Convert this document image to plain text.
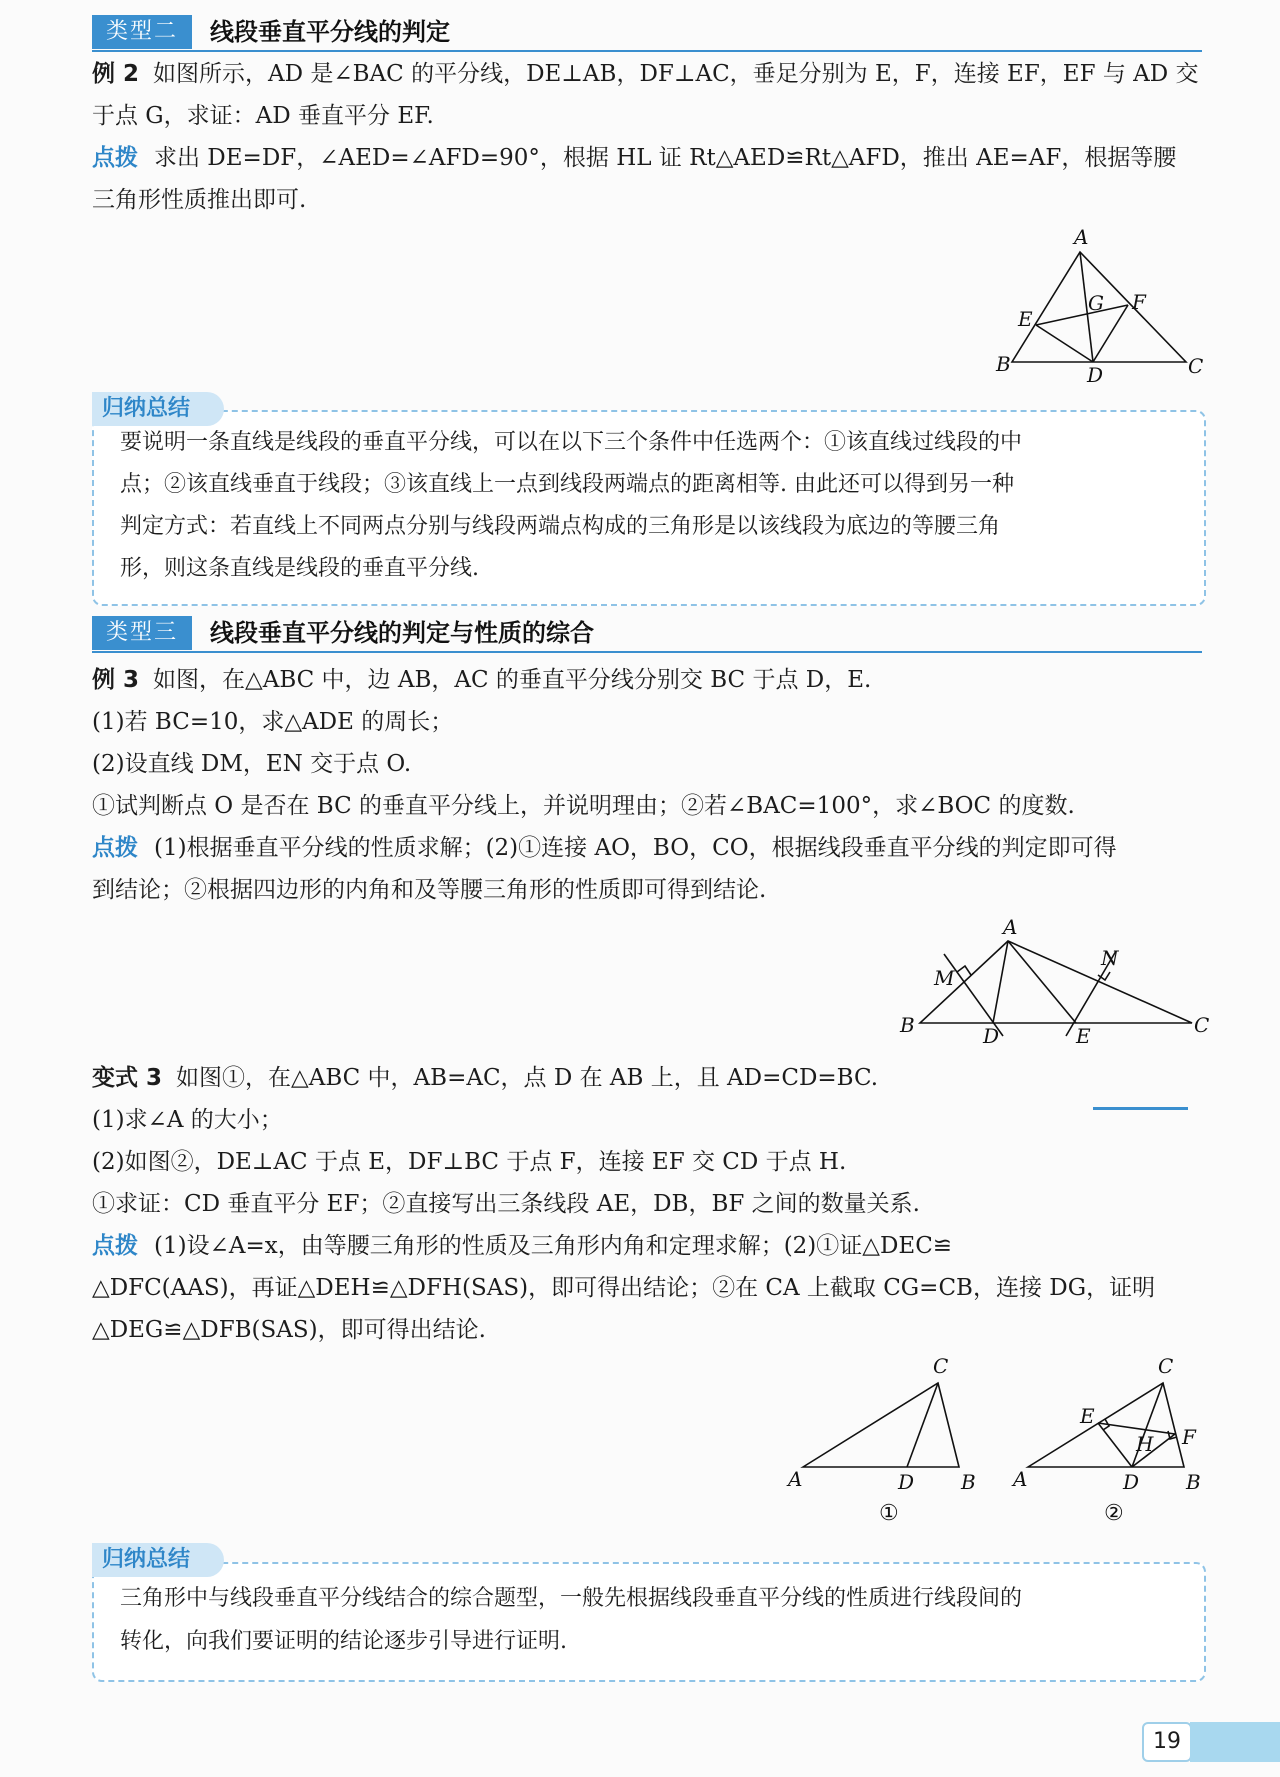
类型二	线段垂直平分线的判定
例 2 如图所示，AD 是∠BAC 的平分线，DE⊥AB，DF⊥AC，垂足分别为 E，F，连接 EF，EF 与 AD 交
于点 G，求证：AD 垂直平分 EF.
点拨 求出 DE=DF，∠AED=∠AFD=90°，根据 HL 证 Rt△AED≌Rt△AFD，推出 AE=AF，根据等腰
三角形性质推出即可.
A
B	C
D
E
F
G
归纳总结
要说明一条直线是线段的垂直平分线，可以在以下三个条件中任选两个：①该直线过线段的中
点；②该直线垂直于线段；③该直线上一点到线段两端点的距离相等. 由此还可以得到另一种
判定方式：若直线上不同两点分别与线段两端点构成的三角形是以该线段为底边的等腰三角
形，则这条直线是线段的垂直平分线.
类型三	线段垂直平分线的判定与性质的综合
例 3 如图，在△ABC 中，边 AB，AC 的垂直平分线分别交 BC 于点 D，E.
(1)若 BC=10，求△ADE 的周长；
(2)设直线 DM，EN 交于点 O.
①试判断点 O 是否在 BC 的垂直平分线上，并说明理由；②若∠BAC=100°，求∠BOC 的度数.
点拨 (1)根据垂直平分线的性质求解；(2)①连接 AO，BO，CO，根据线段垂直平分线的判定即可得
到结论；②根据四边形的内角和及等腰三角形的性质即可得到结论.
A
B	C
D	E
M
N
变式 3 如图①，在△ABC 中，AB=AC，点 D 在 AB 上，且 AD=CD=BC.
(1)求∠A 的大小；
(2)如图②，DE⊥AC 于点 E，DF⊥BC 于点 F，连接 EF 交 CD 于点 H.
①求证：CD 垂直平分 EF；②直接写出三条线段 AE，DB，BF 之间的数量关系.
点拨 (1)设∠A=x，由等腰三角形的性质及三角形内角和定理求解；(2)①证△DEC≌
△DFC(AAS)，再证△DEH≌△DFH(SAS)，即可得出结论；②在 CA 上截取 CG=CB，连接 DG，证明
△DEG≌△DFB(SAS)，即可得出结论.
A	B
C
D
①
A	B
C
D
E
F
H
②
归纳总结
三角形中与线段垂直平分线结合的综合题型，一般先根据线段垂直平分线的性质进行线段间的
转化，向我们要证明的结论逐步引导进行证明.
19
